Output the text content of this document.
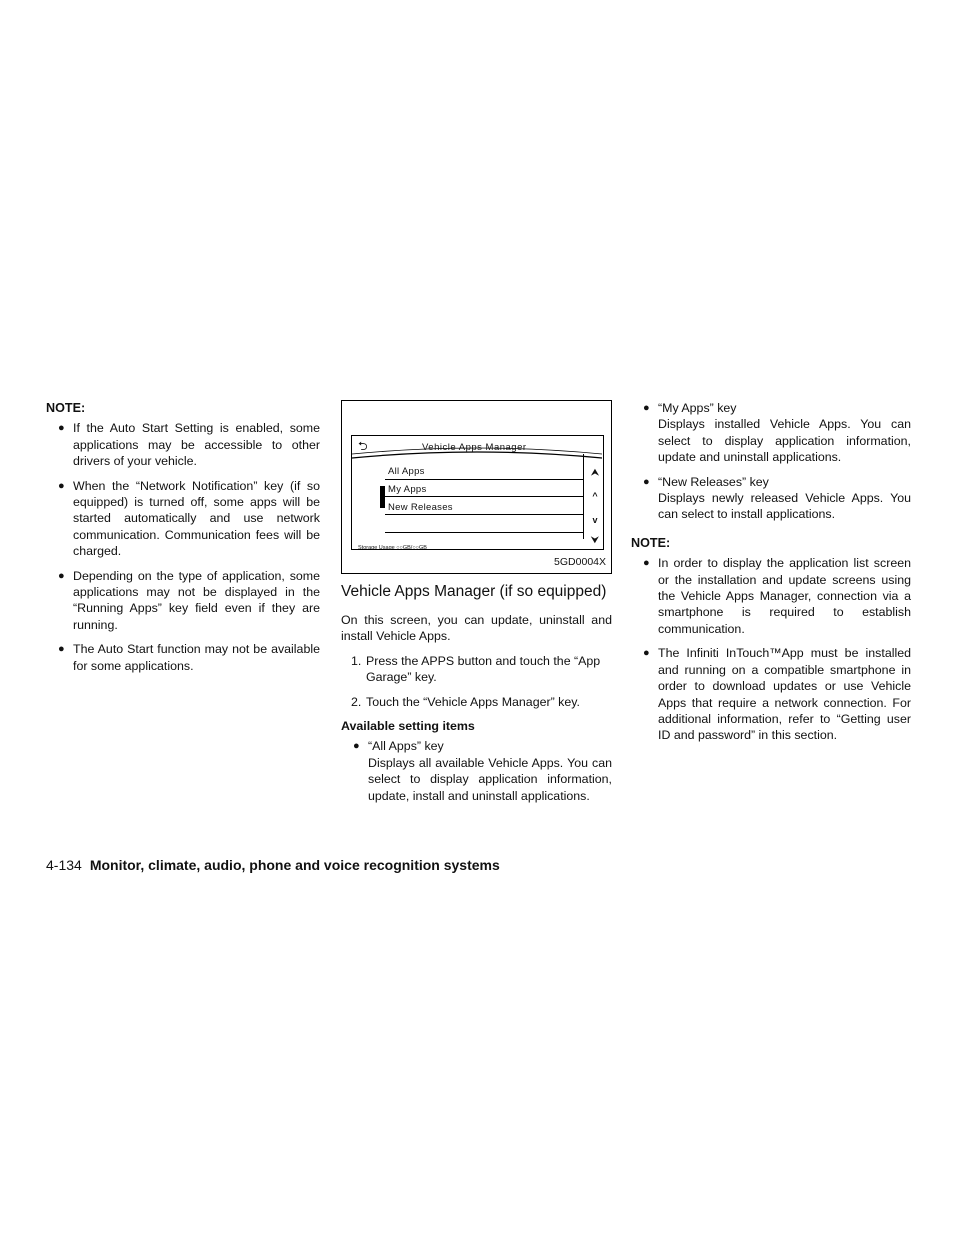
NOTE:
● If the Auto Start Setting is enabled, some applications may be accessible to other drivers of your vehicle.
● When the “Network Notification” key (if so equipped) is turned off, some apps will be started automatically and use network communication. Communication fees will be charged.
● Depending on the type of application, some applications may not be displayed in the “Running Apps” key field even if they are running.
● The Auto Start function may not be available for some applications.
⮌	Vehicle Apps Manager
All Apps
My Apps
New Releases
⮝
^
v
⮟
Storage Usage ○○GB/○○GB
5GD0004X
Vehicle Apps Manager (if so equipped)

On this screen, you can update, uninstall and install Vehicle Apps.

1. Press the APPS button and touch the “App Garage” key.
2. Touch the “Vehicle Apps Manager” key.
Available setting items
● “All Apps” key
Displays all available Vehicle Apps. You can select to display application information, update, install and uninstall applications.
● “My Apps” key
Displays installed Vehicle Apps. You can select to display application information, update and uninstall applications.
● “New Releases” key
Displays newly released Vehicle Apps. You can select to install applications.
NOTE:
● In order to display the application list screen or the installation and update screens using the Vehicle Apps Manager, connection via a smartphone is required to establish communication.
● The Infiniti InTouch™App must be installed and running on a compatible smartphone in order to download updates or use Vehicle Apps that require a network connection. For additional information, refer to “Getting user ID and password” in this section.
4-134 Monitor, climate, audio, phone and voice recognition systems
